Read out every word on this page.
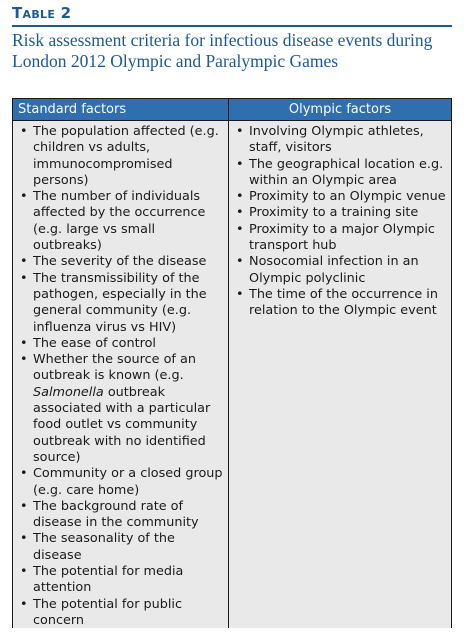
Table 2
Risk assessment criteria for infectious disease events during London 2012 Olympic and Paralympic Games
Standard factors	Olympic factors
• The population affected (e.g. children vs adults, immunocompromised persons)
• The number of individuals affected by the occurrence (e.g. large vs small outbreaks)
• The severity of the disease
• The transmissibility of the pathogen, especially in the general community (e.g. influenza virus vs HIV)
• The ease of control
• Whether the source of an outbreak is known (e.g. Salmonella outbreak associated with a particular food outlet vs community outbreak with no identified source)
• Community or a closed group (e.g. care home)
• The background rate of disease in the community
• The seasonality of the disease
• The potential for media attention
• The potential for public concern
• Involving Olympic athletes, staff, visitors
• The geographical location e.g. within an Olympic area
• Proximity to an Olympic venue
• Proximity to a training site
• Proximity to a major Olympic transport hub
• Nosocomial infection in an Olympic polyclinic
• The time of the occurrence in relation to the Olympic event
